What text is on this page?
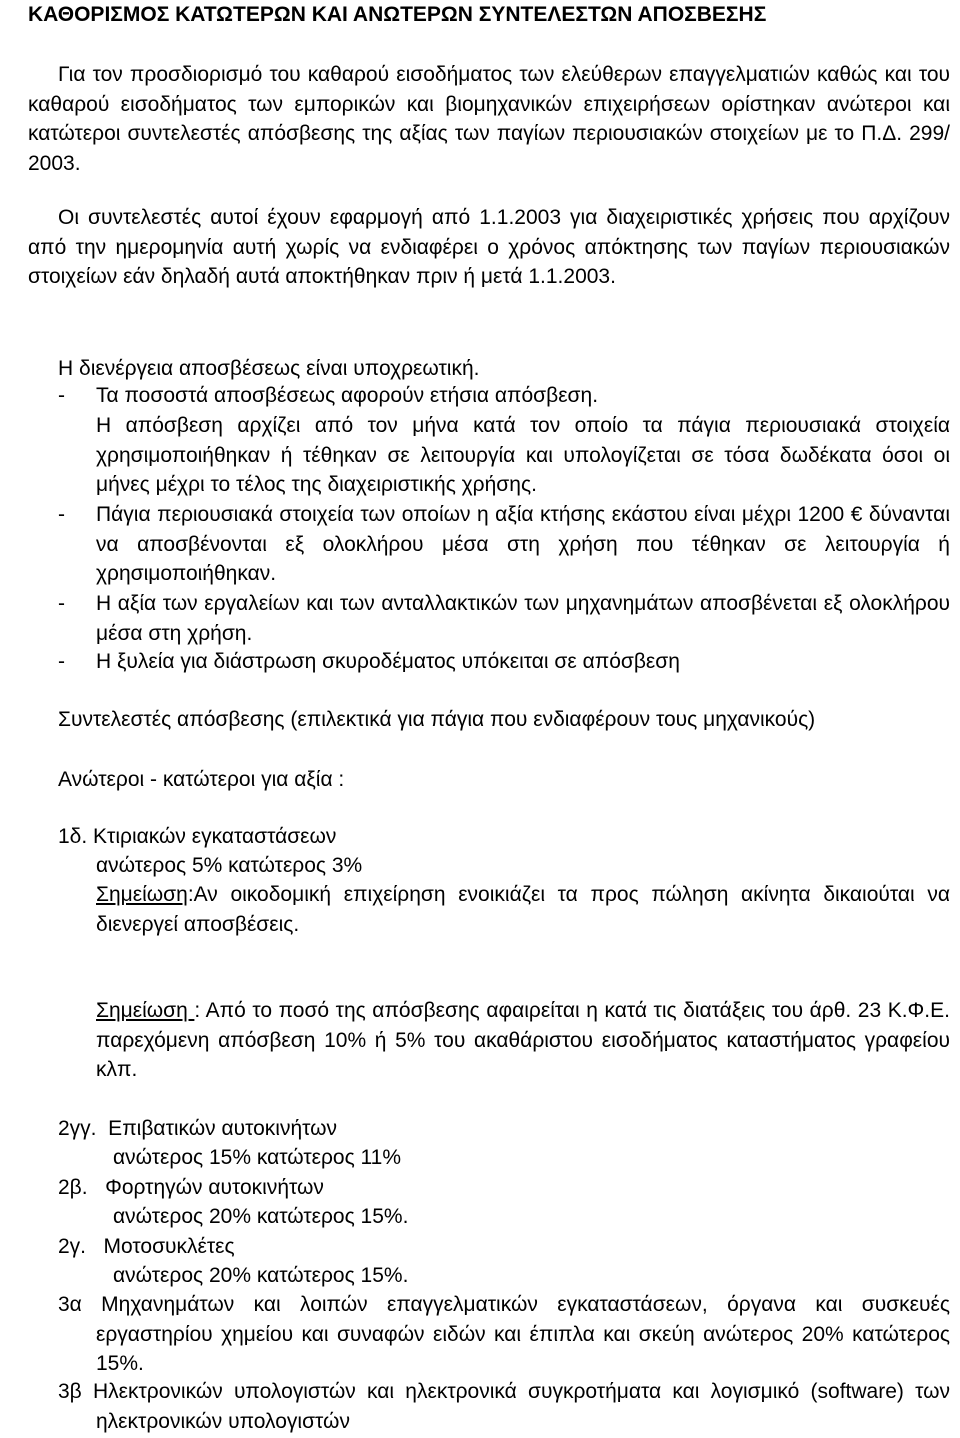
ΚΑΘΟΡΙΣΜΟΣ ΚΑΤΩΤΕΡΩΝ ΚΑΙ ΑΝΩΤΕΡΩΝ ΣΥΝΤΕΛΕΣΤΩΝ ΑΠΟΣΒΕΣΗΣ

Για τον προσδιορισμό του καθαρού εισοδήματος των ελεύθερων επαγγελματιών καθώς και του καθαρού εισοδήματος των εμπορικών και βιομηχανικών επιχειρήσεων ορίστηκαν ανώτεροι και κατώτεροι συντελεστές απόσβεσης της αξίας των παγίων περιουσιακών στοιχείων με το Π.Δ. 299/ 2003.

Οι συντελεστές αυτοί έχουν εφαρμογή από 1.1.2003 για διαχειριστικές χρήσεις που αρχίζουν από την ημερομηνία αυτή χωρίς να ενδιαφέρει ο χρόνος απόκτησης των παγίων περιουσιακών στοιχείων εάν δηλαδή αυτά αποκτήθηκαν πριν ή μετά 1.1.2003.

Η διενέργεια αποσβέσεως είναι υποχρεωτική.

- Τα ποσοστά αποσβέσεως αφορούν ετήσια απόσβεση.

Η απόσβεση αρχίζει από τον μήνα κατά τον οποίο τα πάγια περιουσιακά στοιχεία χρησιμοποιήθηκαν ή τέθηκαν σε λειτουργία και υπολογίζεται σε τόσα δωδέκατα όσοι οι μήνες μέχρι το τέλος της διαχειριστικής χρήσης.

- Πάγια περιουσιακά στοιχεία των οποίων η αξία κτήσης εκάστου είναι μέχρι 1200 € δύνανται να αποσβένονται εξ ολοκλήρου μέσα στη χρήση που τέθηκαν σε λειτουργία ή χρησιμοποιήθηκαν.

- Η αξία των εργαλείων και των ανταλλακτικών των μηχανημάτων αποσβένεται εξ ολοκλήρου μέσα στη χρήση.

- Η ξυλεία για διάστρωση σκυροδέματος υπόκειται σε απόσβεση

Συντελεστές απόσβεσης (επιλεκτικά για πάγια που ενδιαφέρουν τους μηχανικούς)

Ανώτεροι - κατώτεροι για αξία :

1δ. Κτιριακών εγκαταστάσεων

ανώτερος 5% κατώτερος 3%

Σημείωση:Αν οικοδομική επιχείρηση ενοικιάζει τα προς πώληση ακίνητα δικαιούται να διενεργεί αποσβέσεις.

Σημείωση : Από το ποσό της απόσβεσης αφαιρείται η κατά τις διατάξεις του άρθ. 23 Κ.Φ.Ε. παρεχόμενη απόσβεση 10% ή 5% του ακαθάριστου εισοδήματος καταστήματος γραφείου κλπ.

2γγ.  Επιβατικών αυτοκινήτων

ανώτερος 15% κατώτερος 11%

2β.   Φορτηγών αυτοκινήτων

ανώτερος 20% κατώτερος 15%.

2γ.   Μοτοσυκλέτες

ανώτερος 20% κατώτερος 15%.

3α Μηχανημάτων και λοιπών επαγγελματικών εγκαταστάσεων, όργανα και συσκευές εργαστηρίου χημείου και συναφών ειδών και έπιπλα και σκεύη ανώτερος 20% κατώτερος 15%.

3β Ηλεκτρονικών υπολογιστών και ηλεκτρονικά συγκροτήματα και λογισμικό (software) των ηλεκτρονικών υπολογιστών
